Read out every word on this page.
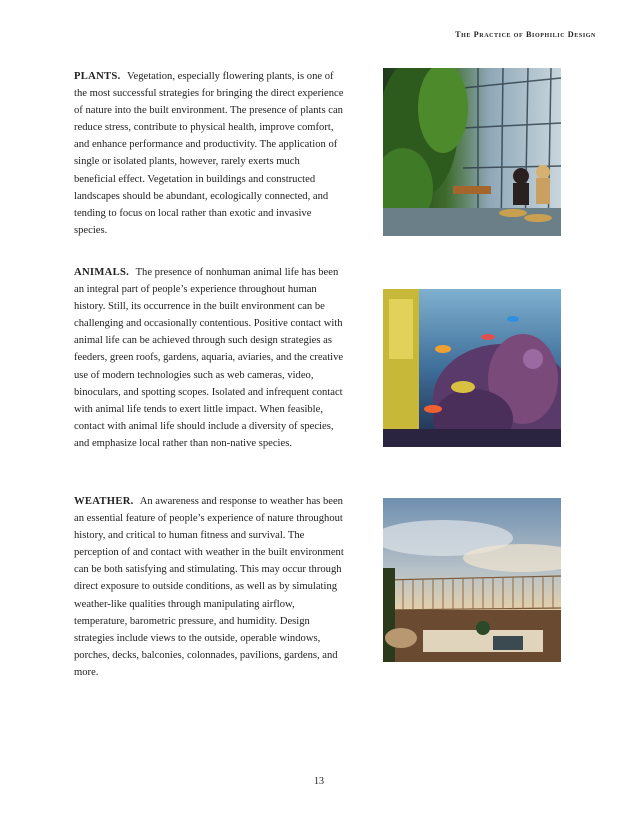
The Practice of Biophilic Design
PLANTS. Vegetation, especially flowering plants, is one of the most successful strategies for bringing the direct experience of nature into the built environment. The presence of plants can reduce stress, contribute to physical health, improve comfort, and enhance performance and productivity. The application of single or isolated plants, however, rarely exerts much beneficial effect. Vegetation in buildings and constructed landscapes should be abundant, ecologically connected, and tending to focus on local rather than exotic and invasive species.
ANIMALS. The presence of nonhuman animal life has been an integral part of people’s experience throughout human history. Still, its occurrence in the built environment can be challenging and occasionally contentious. Positive contact with animal life can be achieved through such design strategies as feeders, green roofs, gardens, aquaria, aviaries, and the creative use of modern technologies such as web cameras, video, binoculars, and spotting scopes. Isolated and infrequent contact with animal life tends to exert little impact. When feasible, contact with animal life should include a diversity of species, and emphasize local rather than non-native species.
WEATHER. An awareness and response to weather has been an essential feature of people’s experience of nature throughout history, and critical to human fitness and survival. The perception of and contact with weather in the built environment can be both satisfying and stimulating. This may occur through direct exposure to outside conditions, as well as by simulating weather-like qualities through manipulating airflow, temperature, barometric pressure, and humidity. Design strategies include views to the outside, operable windows, porches, decks, balconies, colonnades, pavilions, gardens, and more.
13
